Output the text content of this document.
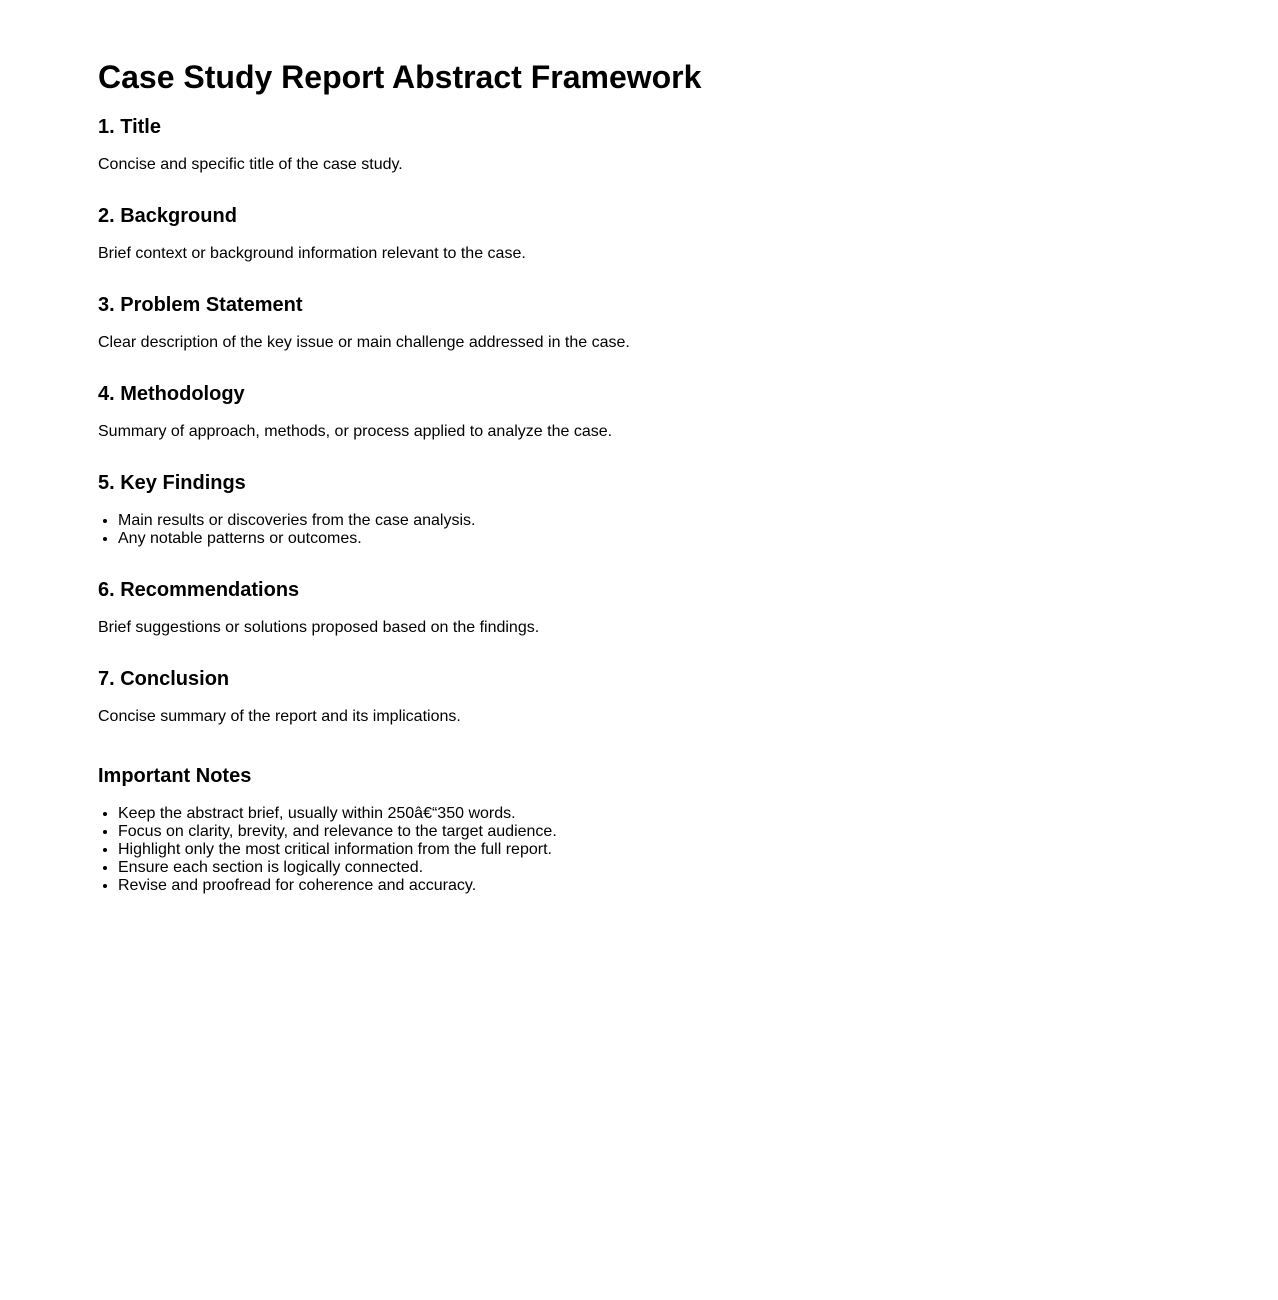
Case Study Report Abstract Framework
1. Title

Concise and specific title of the case study.

2. Background

Brief context or background information relevant to the case.

3. Problem Statement

Clear description of the key issue or main challenge addressed in the case.

4. Methodology

Summary of approach, methods, or process applied to analyze the case.

5. Key Findings
• Main results or discoveries from the case analysis.
• Any notable patterns or outcomes.
6. Recommendations

Brief suggestions or solutions proposed based on the findings.

7. Conclusion

Concise summary of the report and its implications.

Important Notes
• Keep the abstract brief, usually within 250â€“350 words.
• Focus on clarity, brevity, and relevance to the target audience.
• Highlight only the most critical information from the full report.
• Ensure each section is logically connected.
• Revise and proofread for coherence and accuracy.
